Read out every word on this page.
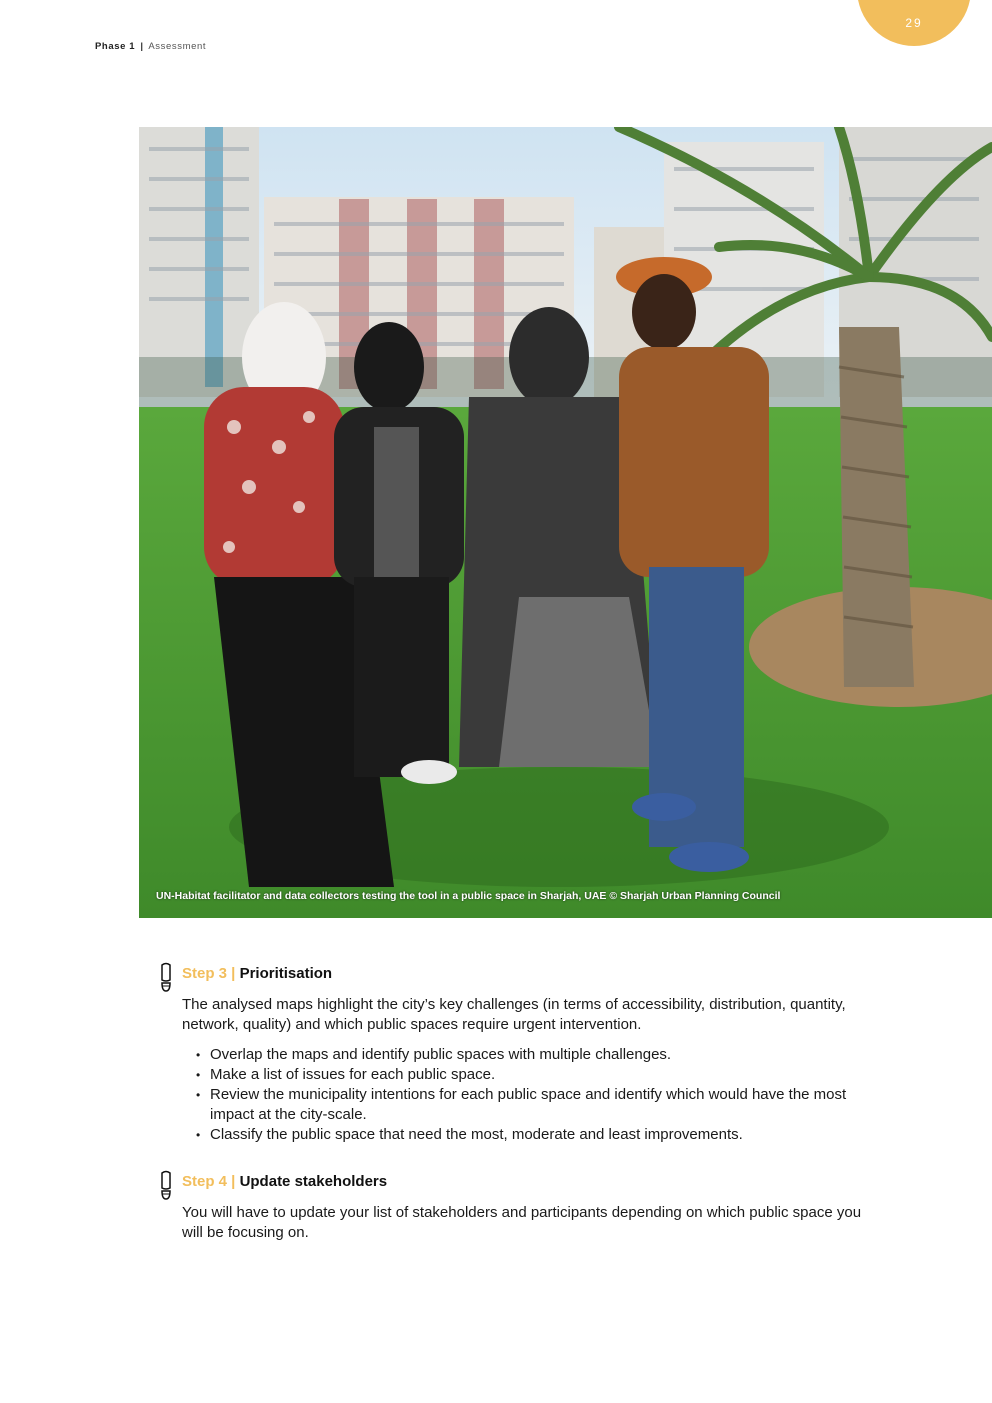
29
Phase 1 | Assessment
UN-Habitat facilitator and data collectors testing the tool in a public space in Sharjah, UAE © Sharjah Urban Planning Council
Step 3 | Prioritisation
The analysed maps highlight the city’s key challenges (in terms of accessibility, distribution, quantity, network, quality) and which public spaces require urgent intervention.
• Overlap the maps and identify public spaces with multiple challenges.
• Make a list of issues for each public space.
• Review the municipality intentions for each public space and identify which would have the most impact at the city-scale.
• Classify the public space that need the most, moderate and least improvements.
Step 4 | Update stakeholders
You will have to update your list of stakeholders and participants depending on which public space you will be focusing on.
